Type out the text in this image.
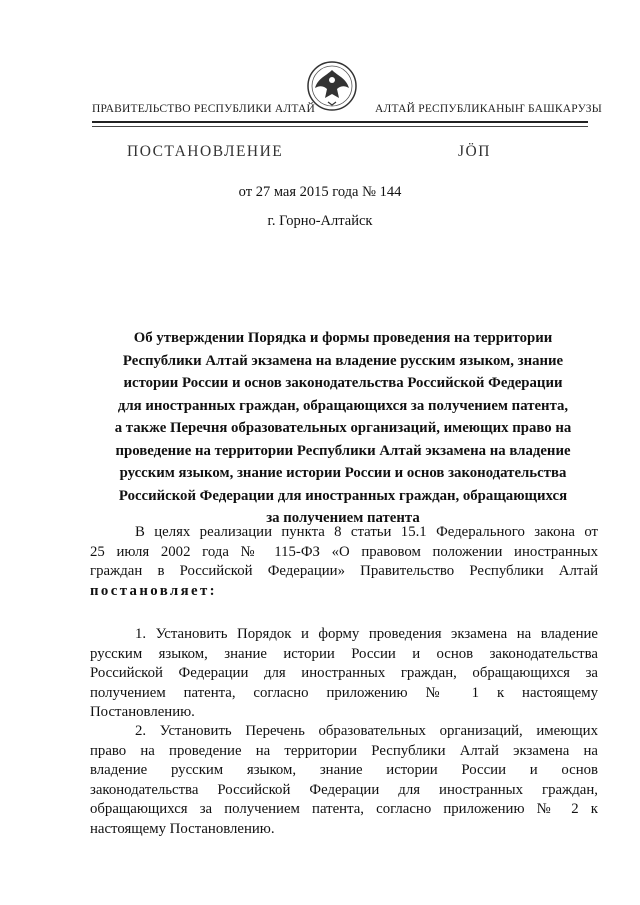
ПРАВИТЕЛЬСТВО РЕСПУБЛИКИ АЛТАЙ	АЛТАЙ РЕСПУБЛИКАНЫҤ БАШКАРУЗЫ
ПОСТАНОВЛЕНИЕ	JÖП
от 27 мая 2015 года № 144
г. Горно-Алтайск
Об утверждении Порядка и формы проведения на территории
Республики Алтай экзамена на владение русским языком, знание
истории России и основ законодательства Российской Федерации
для иностранных граждан, обращающихся за получением патента,
а также Перечня образовательных организаций, имеющих право на
проведение на территории Республики Алтай экзамена на владение
русским языком, знание истории России и основ законодательства
Российской Федерации для иностранных граждан, обращающихся
за получением патента
В целях реализации пункта 8 статьи 15.1 Федерального закона от
25 июля 2002 года № 115-ФЗ «О правовом положении иностранных
граждан в Российской Федерации» Правительство Республики Алтай
постановляет:
1. Установить Порядок и форму проведения экзамена на владение
русским языком, знание истории России и основ законодательства
Российской Федерации для иностранных граждан, обращающихся за
получением патента, согласно приложению № 1 к настоящему
Постановлению.
2. Установить Перечень образовательных организаций, имеющих
право на проведение на территории Республики Алтай экзамена на
владение русским языком, знание истории России и основ
законодательства Российской Федерации для иностранных граждан,
обращающихся за получением патента, согласно приложению № 2 к
настоящему Постановлению.
